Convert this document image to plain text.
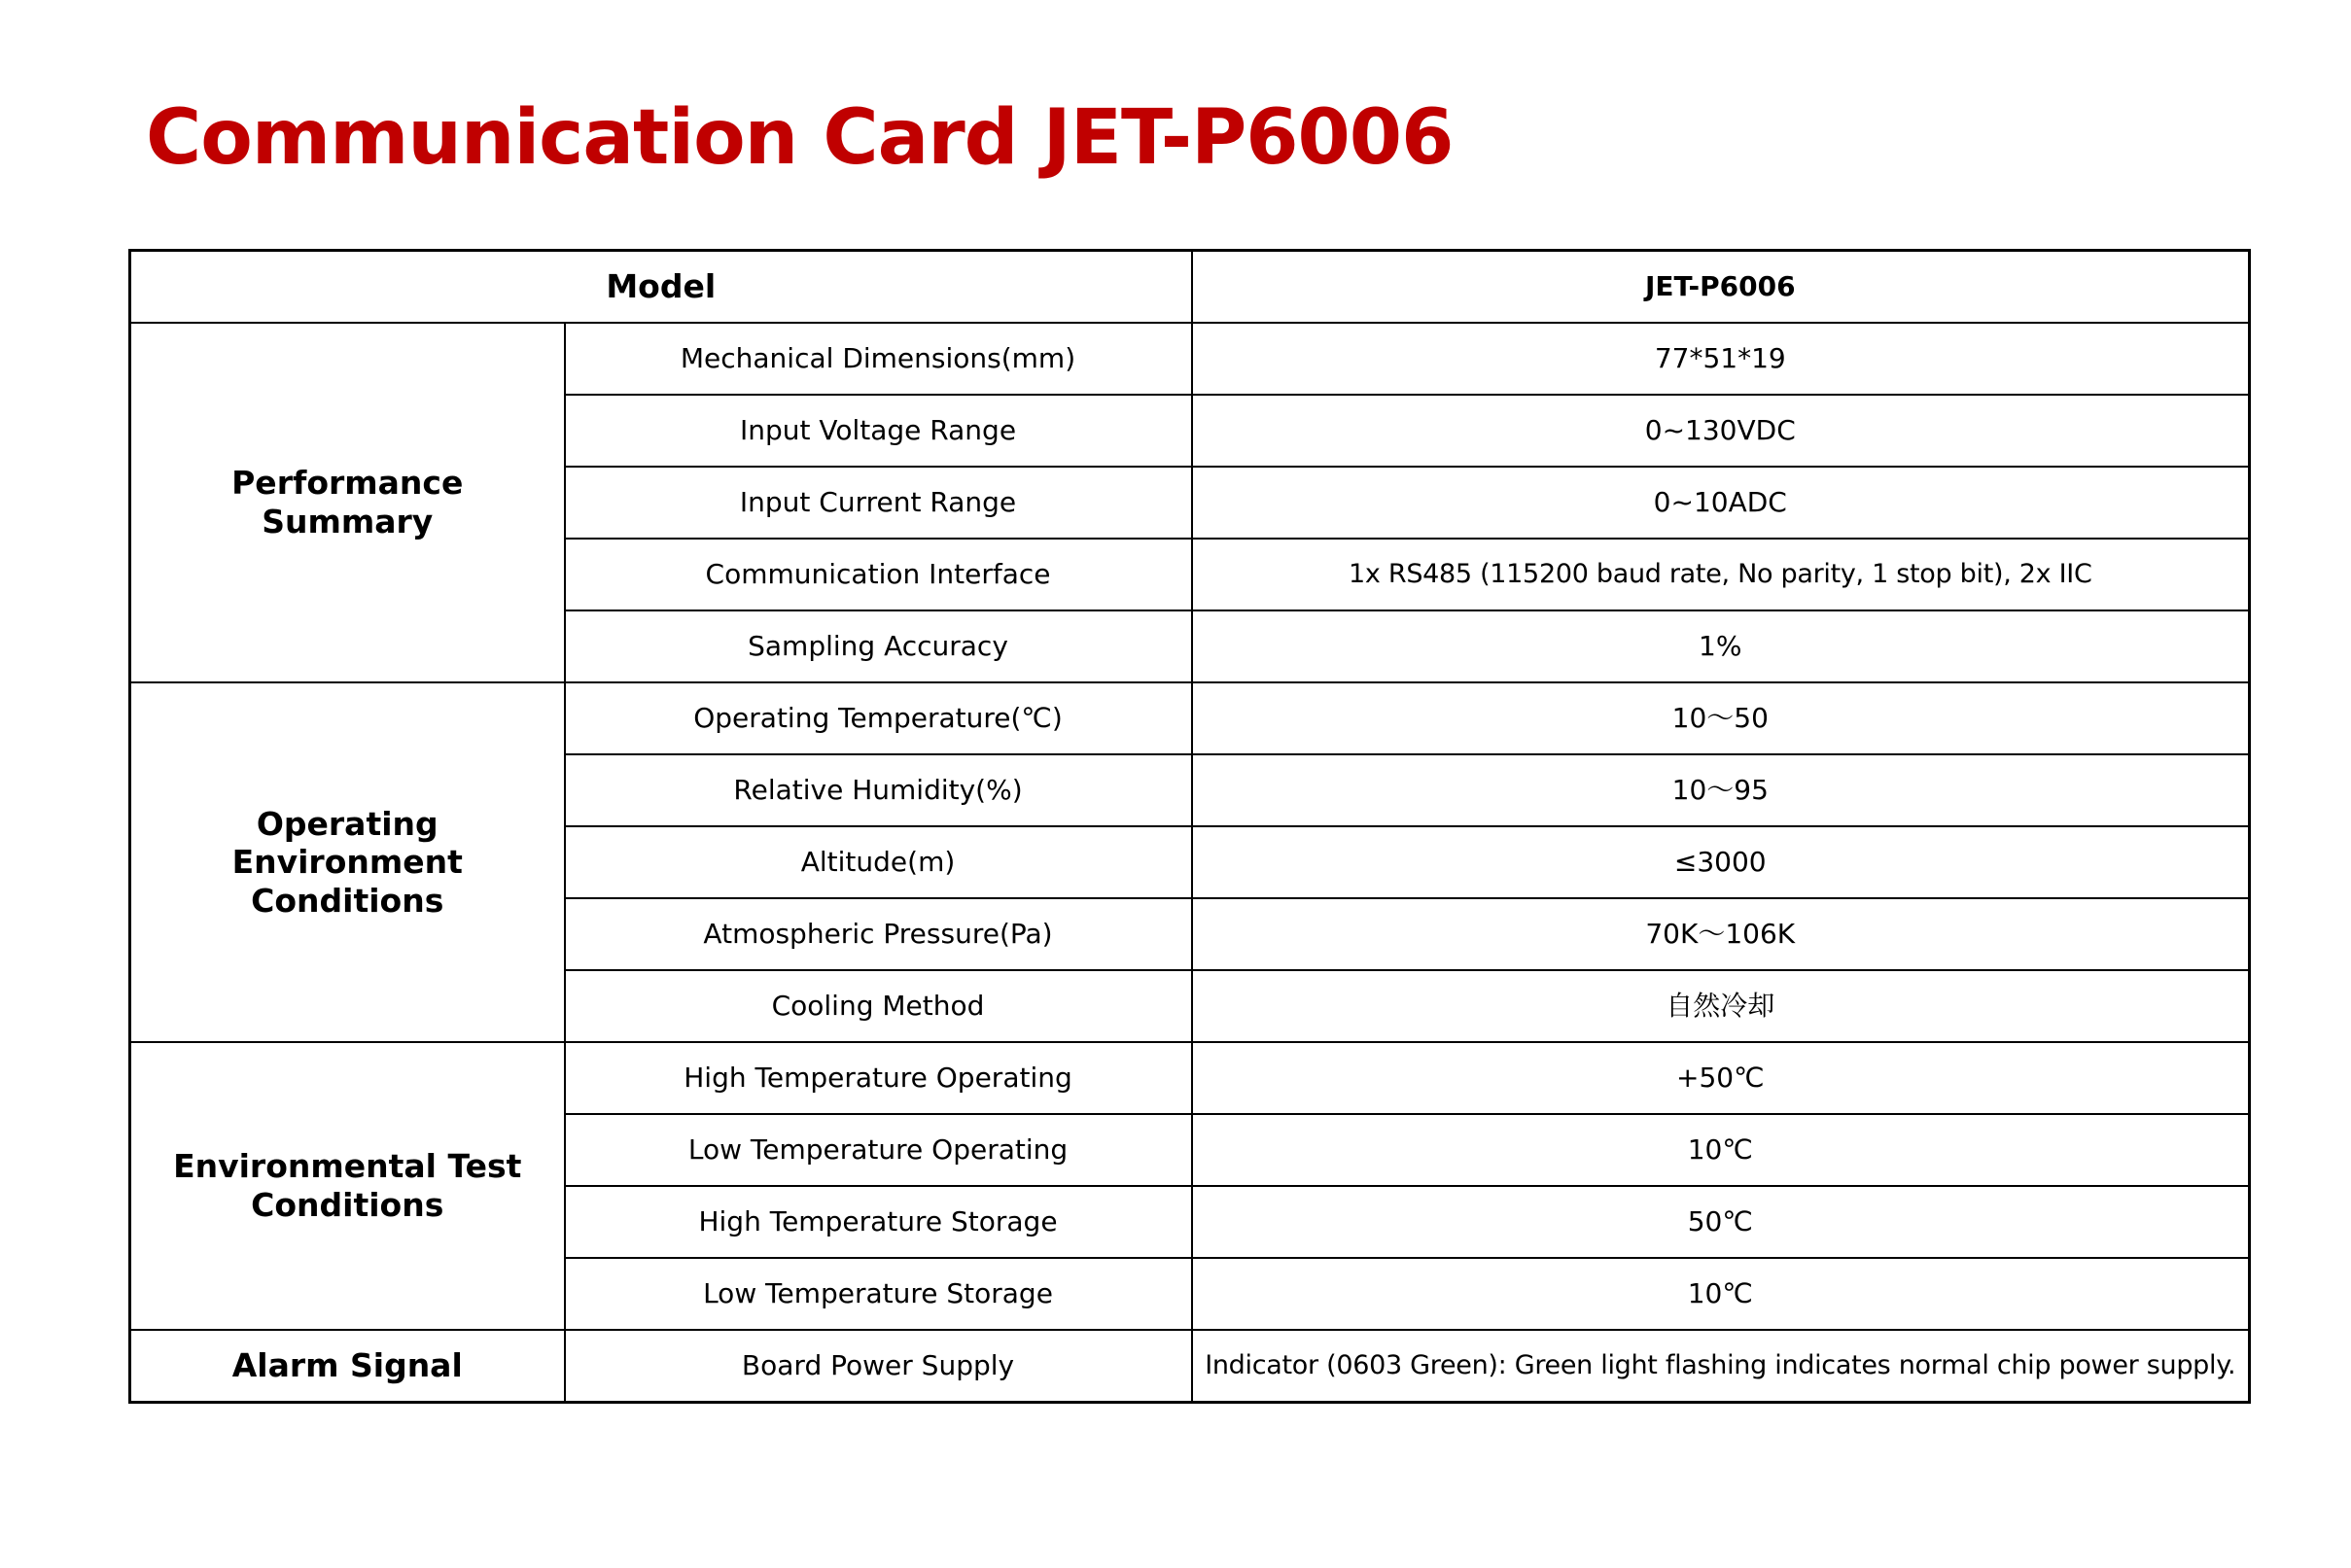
Communication Card JET-P6006
Model		JET-P6006
Performance Summary	Mechanical Dimensions(mm)	77*51*19
	Input Voltage Range	0~130VDC
	Input Current Range	0~10ADC
	Communication Interface	1x RS485 (115200 baud rate, No parity, 1 stop bit), 2x IIC
	Sampling Accuracy	1%
Operating Environment Conditions	Operating Temperature(℃)	10～50
	Relative Humidity(%)	10～95
	Altitude(m)	≤3000
	Atmospheric Pressure(Pa)	70K～106K
	Cooling Method	自然冷却
Environmental Test Conditions	High Temperature Operating	+50℃
	Low Temperature Operating	10℃
	High Temperature Storage	50℃
	Low Temperature Storage	10℃
Alarm Signal	Board Power Supply	Indicator (0603 Green): Green light flashing indicates normal chip power supply.
